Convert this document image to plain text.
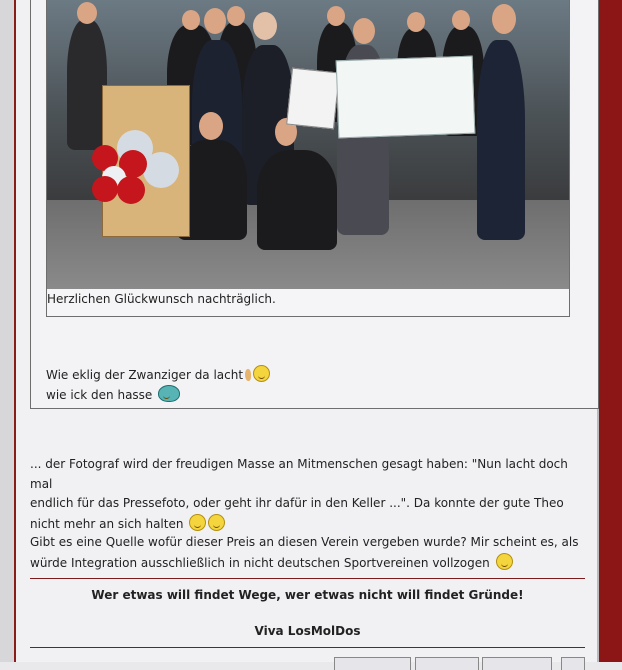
Herzlichen Glückwunsch nachträglich.
Wie eklig der Zwanziger da lacht
wie ick den hasse
... der Fotograf wird der freudigen Masse an Mitmenschen gesagt haben: "Nun lacht doch mal
endlich für das Pressefoto, oder geht ihr dafür in den Keller ...". Da konnte der gute Theo
nicht mehr an sich halten
Gibt es eine Quelle wofür dieser Preis an diesen Verein vergeben wurde? Mir scheint es, als
würde Integration ausschließlich in nicht deutschen Sportvereinen vollzogen
Wer etwas will findet Wege, wer etwas nicht will findet Gründe!
Viva LosMolDos
